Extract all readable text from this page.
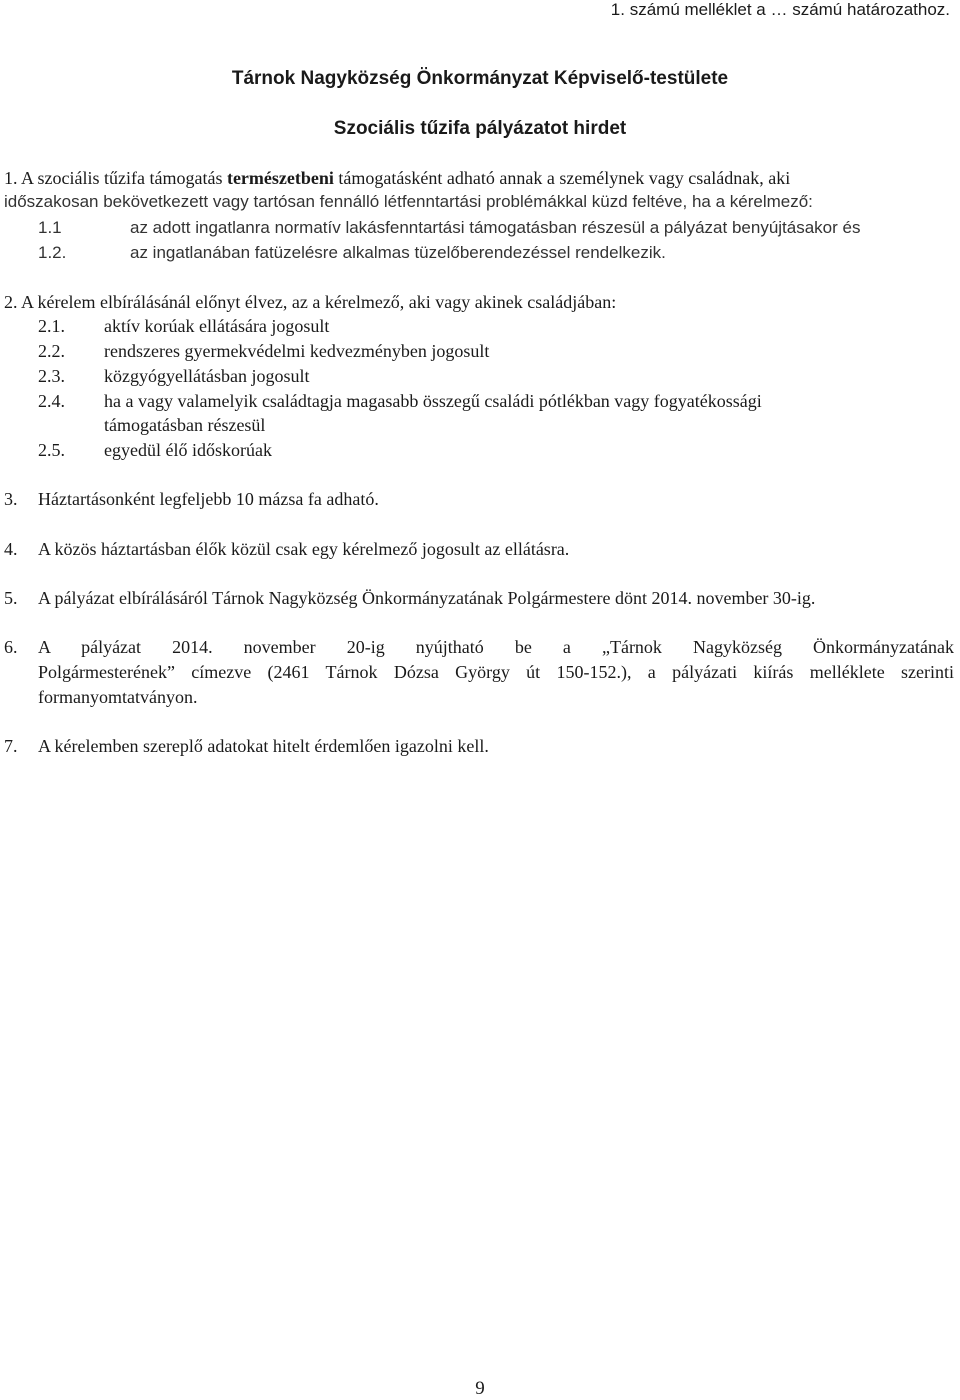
1. számú melléklet a … számú határozathoz.
Tárnok Nagyközség Önkormányzat Képviselő-testülete
Szociális tűzifa pályázatot hirdet
1. A szociális tűzifa támogatás természetbeni támogatásként adható annak a személynek vagy családnak, aki
időszakosan bekövetkezett vagy tartósan fennálló létfenntartási problémákkal küzd feltéve, ha a kérelmező:
1.1	az adott ingatlanra normatív lakásfenntartási támogatásban részesül a pályázat benyújtásakor és
1.2.	az ingatlanában fatüzelésre alkalmas tüzelőberendezéssel rendelkezik.
2. A kérelem elbírálásánál előnyt élvez, az a kérelmező, aki vagy akinek családjában:
2.1. aktív korúak ellátására jogosult
2.2. rendszeres gyermekvédelmi kedvezményben jogosult
2.3. közgyógyellátásban jogosult
2.4. ha a vagy valamelyik családtagja magasabb összegű családi pótlékban vagy fogyatékossági
támogatásban részesül
2.5. egyedül élő időskorúak
3. Háztartásonként legfeljebb 10 mázsa fa adható.
4. A közös háztartásban élők közül csak egy kérelmező jogosult az ellátásra.
5. A pályázat elbírálásáról Tárnok Nagyközség Önkormányzatának Polgármestere dönt 2014. november 30-ig.
6. A pályázat 2014. november 20-ig nyújtható be a „Tárnok Nagyközség Önkormányzatának
Polgármesterének” címezve (2461 Tárnok Dózsa György út 150-152.), a pályázati kiírás melléklete szerinti
formanyomtatványon.
7. A kérelemben szereplő adatokat hitelt érdemlően igazolni kell.
9
